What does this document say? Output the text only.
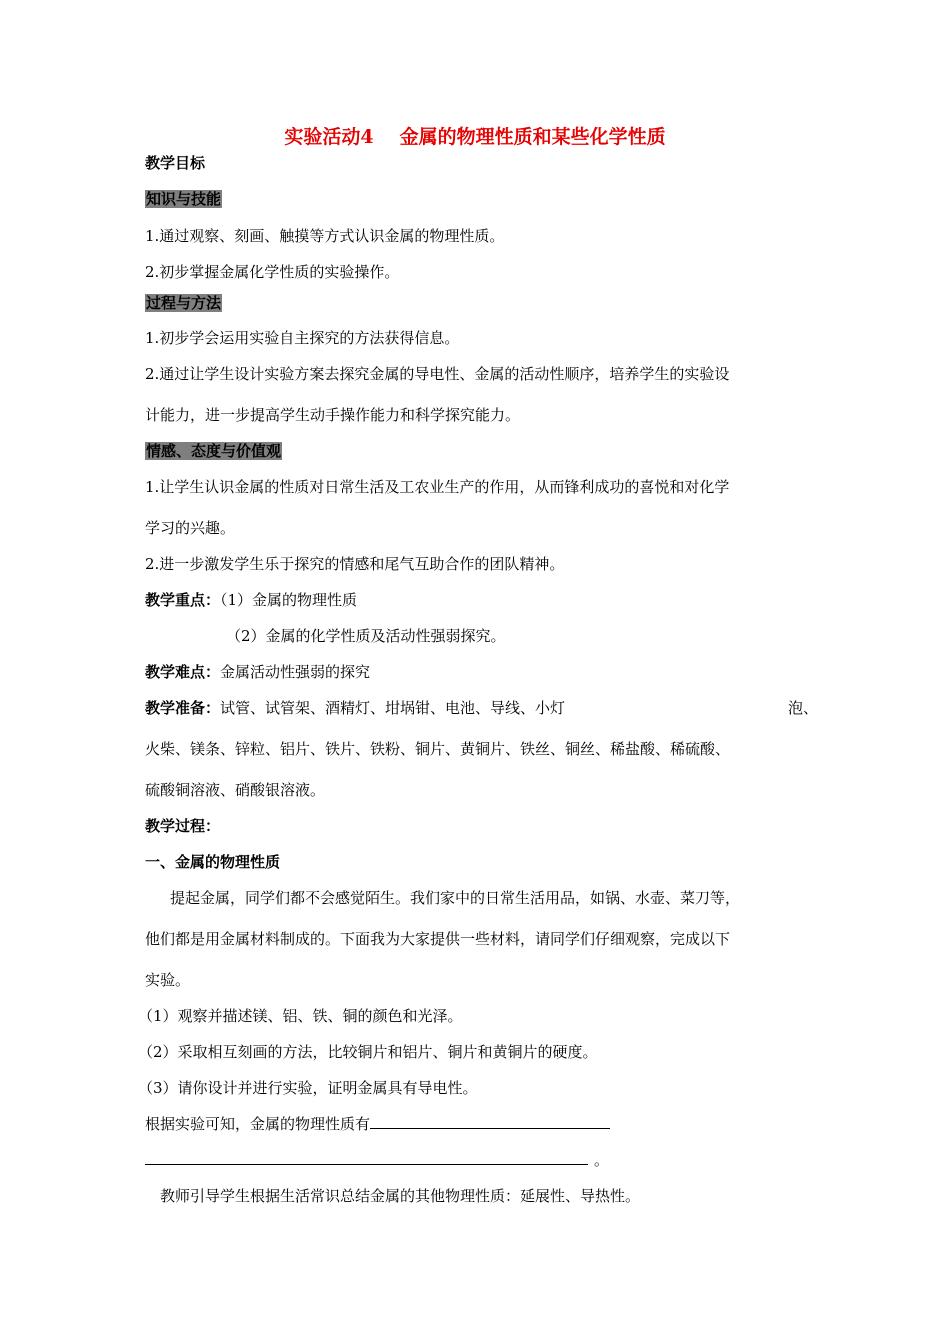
实验活动4 金属的物理性质和某些化学性质
教学目标
知识与技能
1.通过观察、刻画、触摸等方式认识金属的物理性质。
2.初步掌握金属化学性质的实验操作。
过程与方法
1.初步学会运用实验自主探究的方法获得信息。
2.通过让学生设计实验方案去探究金属的导电性、金属的活动性顺序，培养学生的实验设
计能力，进一步提高学生动手操作能力和科学探究能力。
情感、态度与价值观
1.让学生认识金属的性质对日常生活及工农业生产的作用，从而锋利成功的喜悦和对化学
学习的兴趣。
2.进一步激发学生乐于探究的情感和尾气互助合作的团队精神。
教学重点：（1）金属的物理性质
（2）金属的化学性质及活动性强弱探究。
教学难点：金属活动性强弱的探究
教学准备：试管、试管架、酒精灯、坩埚钳、电池、导线、小灯	泡、
火柴、镁条、锌粒、铝片、铁片、铁粉、铜片、黄铜片、铁丝、铜丝、稀盐酸、稀硫酸、
硫酸铜溶液、硝酸银溶液。
教学过程：
一、金属的物理性质
提起金属，同学们都不会感觉陌生。我们家中的日常生活用品，如锅、水壶、菜刀等，
他们都是用金属材料制成的。下面我为大家提供一些材料，请同学们仔细观察，完成以下
实验。
（1）观察并描述镁、铝、铁、铜的颜色和光泽。
（2）采取相互刻画的方法，比较铜片和铝片、铜片和黄铜片的硬度。
（3）请你设计并进行实验，证明金属具有导电性。
根据实验可知，金属的物理性质有
。
教师引导学生根据生活常识总结金属的其他物理性质：延展性、导热性。
